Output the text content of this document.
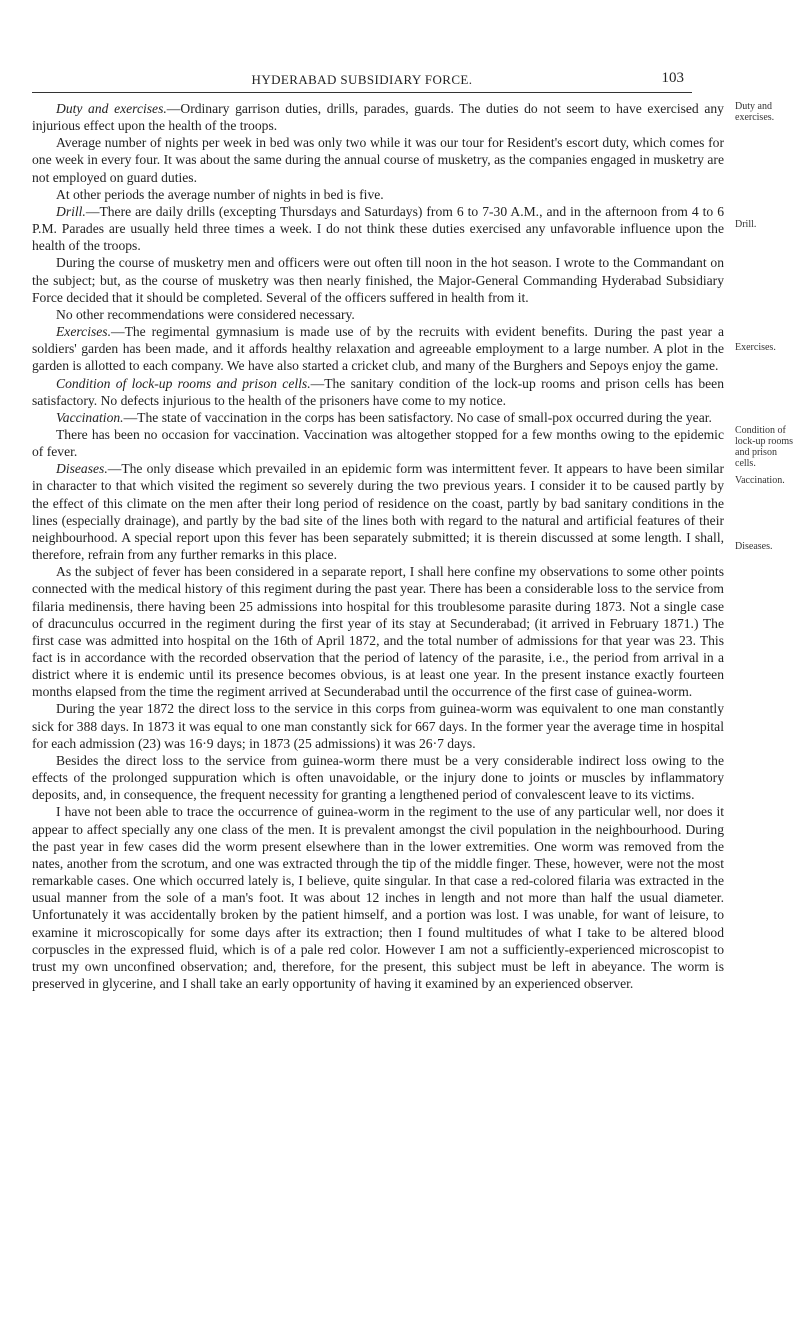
HYDERABAD SUBSIDIARY FORCE.	103
Duty and exercises.
Drill.
Exercises.
Condition of lock-up rooms and prison cells.
Vaccination.
Diseases.

Duty and exercises.—Ordinary garrison duties, drills, parades, guards. The duties do not seem to have exercised any injurious effect upon the health of the troops.

Average number of nights per week in bed was only two while it was our tour for Resident's escort duty, which comes for one week in every four. It was about the same during the annual course of musketry, as the companies engaged in musketry are not employed on guard duties.

At other periods the average number of nights in bed is five.

Drill.—There are daily drills (excepting Thursdays and Saturdays) from 6 to 7-30 A.M., and in the afternoon from 4 to 6 P.M. Parades are usually held three times a week. I do not think these duties exercised any unfavorable influence upon the health of the troops.

During the course of musketry men and officers were out often till noon in the hot season. I wrote to the Commandant on the subject; but, as the course of musketry was then nearly finished, the Major-General Commanding Hyderabad Subsidiary Force decided that it should be completed. Several of the officers suffered in health from it.

No other recommendations were considered necessary.

Exercises.—The regimental gymnasium is made use of by the recruits with evident benefits. During the past year a soldiers' garden has been made, and it affords healthy relaxation and agreeable employment to a large number. A plot in the garden is allotted to each company. We have also started a cricket club, and many of the Burghers and Sepoys enjoy the game.

Condition of lock-up rooms and prison cells.—The sanitary condition of the lock-up rooms and prison cells has been satisfactory. No defects injurious to the health of the prisoners have come to my notice.

Vaccination.—The state of vaccination in the corps has been satisfactory. No case of small-pox occurred during the year.

There has been no occasion for vaccination. Vaccination was altogether stopped for a few months owing to the epidemic of fever.

Diseases.—The only disease which prevailed in an epidemic form was intermittent fever. It appears to have been similar in character to that which visited the regiment so severely during the two previous years. I consider it to be caused partly by the effect of this climate on the men after their long period of residence on the coast, partly by bad sanitary conditions in the lines (especially drainage), and partly by the bad site of the lines both with regard to the natural and artificial features of their neighbourhood. A special report upon this fever has been separately submitted; it is therein discussed at some length. I shall, therefore, refrain from any further remarks in this place.

As the subject of fever has been considered in a separate report, I shall here confine my observations to some other points connected with the medical history of this regiment during the past year. There has been a considerable loss to the service from filaria medinensis, there having been 25 admissions into hospital for this troublesome parasite during 1873. Not a single case of dracunculus occurred in the regiment during the first year of its stay at Secunderabad; (it arrived in February 1871.) The first case was admitted into hospital on the 16th of April 1872, and the total number of admissions for that year was 23. This fact is in accordance with the recorded observation that the period of latency of the parasite, i.e., the period from arrival in a district where it is endemic until its presence becomes obvious, is at least one year. In the present instance exactly fourteen months elapsed from the time the regiment arrived at Secunderabad until the occurrence of the first case of guinea-worm.

During the year 1872 the direct loss to the service in this corps from guinea-worm was equivalent to one man constantly sick for 388 days. In 1873 it was equal to one man constantly sick for 667 days. In the former year the average time in hospital for each admission (23) was 16·9 days; in 1873 (25 admissions) it was 26·7 days.

Besides the direct loss to the service from guinea-worm there must be a very considerable indirect loss owing to the effects of the prolonged suppuration which is often unavoidable, or the injury done to joints or muscles by inflammatory deposits, and, in consequence, the frequent necessity for granting a lengthened period of convalescent leave to its victims.

I have not been able to trace the occurrence of guinea-worm in the regiment to the use of any particular well, nor does it appear to affect specially any one class of the men. It is prevalent amongst the civil population in the neighbourhood. During the past year in few cases did the worm present elsewhere than in the lower extremities. One worm was removed from the nates, another from the scrotum, and one was extracted through the tip of the middle finger. These, however, were not the most remarkable cases. One which occurred lately is, I believe, quite singular. In that case a red-colored filaria was extracted in the usual manner from the sole of a man's foot. It was about 12 inches in length and not more than half the usual diameter. Unfortunately it was accidentally broken by the patient himself, and a portion was lost. I was unable, for want of leisure, to examine it microscopically for some days after its extraction; then I found multitudes of what I take to be altered blood corpuscles in the expressed fluid, which is of a pale red color. However I am not a sufficiently-experienced microscopist to trust my own unconfined observation; and, therefore, for the present, this subject must be left in abeyance. The worm is preserved in glycerine, and I shall take an early opportunity of having it examined by an experienced observer.
